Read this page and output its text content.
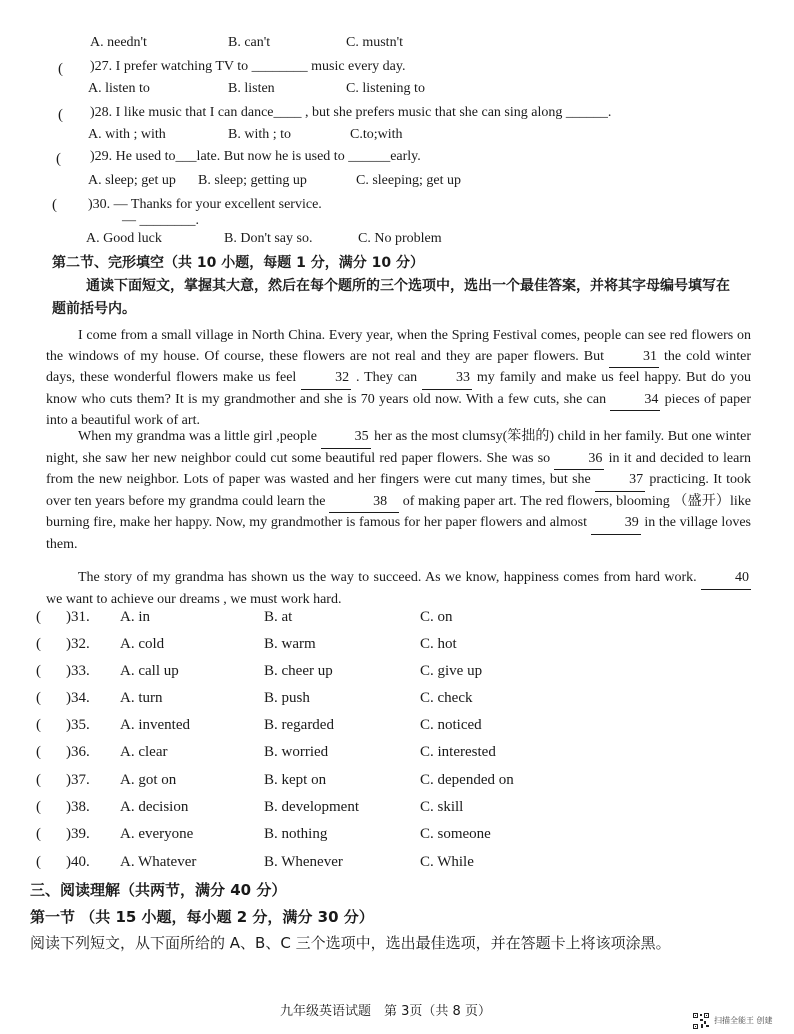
A. needn't	B. can't	C. mustn't
( )27. I prefer watching TV to ________ music every day.
A. listen to	B. listen	C. listening to
( )28. I like music that I can dance____ , but she prefers music that she can sing along ______.
A. with ; with	B. with ; to	C.to;with
( )29. He used to___late. But now he is used to ______early.
A. sleep; get up B. sleep; getting up	C. sleeping; get up
( )30. — Thanks for your excellent service.
— ________.
A. Good luck	B. Don't say so.	C. No problem
第二节、完形填空（共 10 小题，每题 1 分，满分 10 分）
通读下面短文，掌握其大意，然后在每个题所的三个选项中，选出一个最佳答案，并将其字母编号填写在题前括号内。
I come from a small village in North China. Every year, when the Spring Festival comes, people can see red flowers on the windows of my house. Of course, these flowers are not real and they are paper flowers. But 31 the cold winter days, these wonderful flowers make us feel 32 . They can 33 my family and make us feel happy. But do you know who cuts them? It is my grandmother and she is 70 years old now. With a few cuts, she can 34 pieces of paper into a beautiful work of art.
When my grandma was a little girl ,people 35 her as the most clumsy(笨拙的) child in her family. But one winter night, she saw her new neighbor could cut some beautiful red paper flowers. She was so 36 in it and decided to learn from the new neighbor. Lots of paper was wasted and her fingers were cut many times, but she 37 practicing. It took over ten years before my grandma could learn the	38 of making paper art. The red flowers, blooming （盛开）like burning fire, make her happy. Now, my grandmother is famous for her paper flowers and almost 39 in the village loves them.
The story of my grandma has shown us the way to succeed. As we know, happiness comes from hard work. 40 we want to achieve our dreams , we must work hard.
( )31. A. in	B. at	C. on
( )32. A. cold	B. warm	C. hot
( )33. A. call up	B. cheer up	C. give up
( )34. A. turn	B. push	C. check
( )35. A. invented	B. regarded	C. noticed
( )36. A. clear	B. worried	C. interested
( )37. A. got on	B. kept on	C. depended on
( )38. A. decision	B. development	C. skill
( )39. A. everyone	B. nothing	C. someone
( )40. A. Whatever	B. Whenever	C. While
三、阅读理解（共两节，满分 40 分）
第一节 （共 15 小题，每小题 2 分，满分 30 分）
阅读下列短文，从下面所给的 A、B、C 三个选项中，选出最佳选项，并在答题卡上将该项涂黑。
九年级英语试题　第 3页（共 8 页）
扫描全能王 创建
